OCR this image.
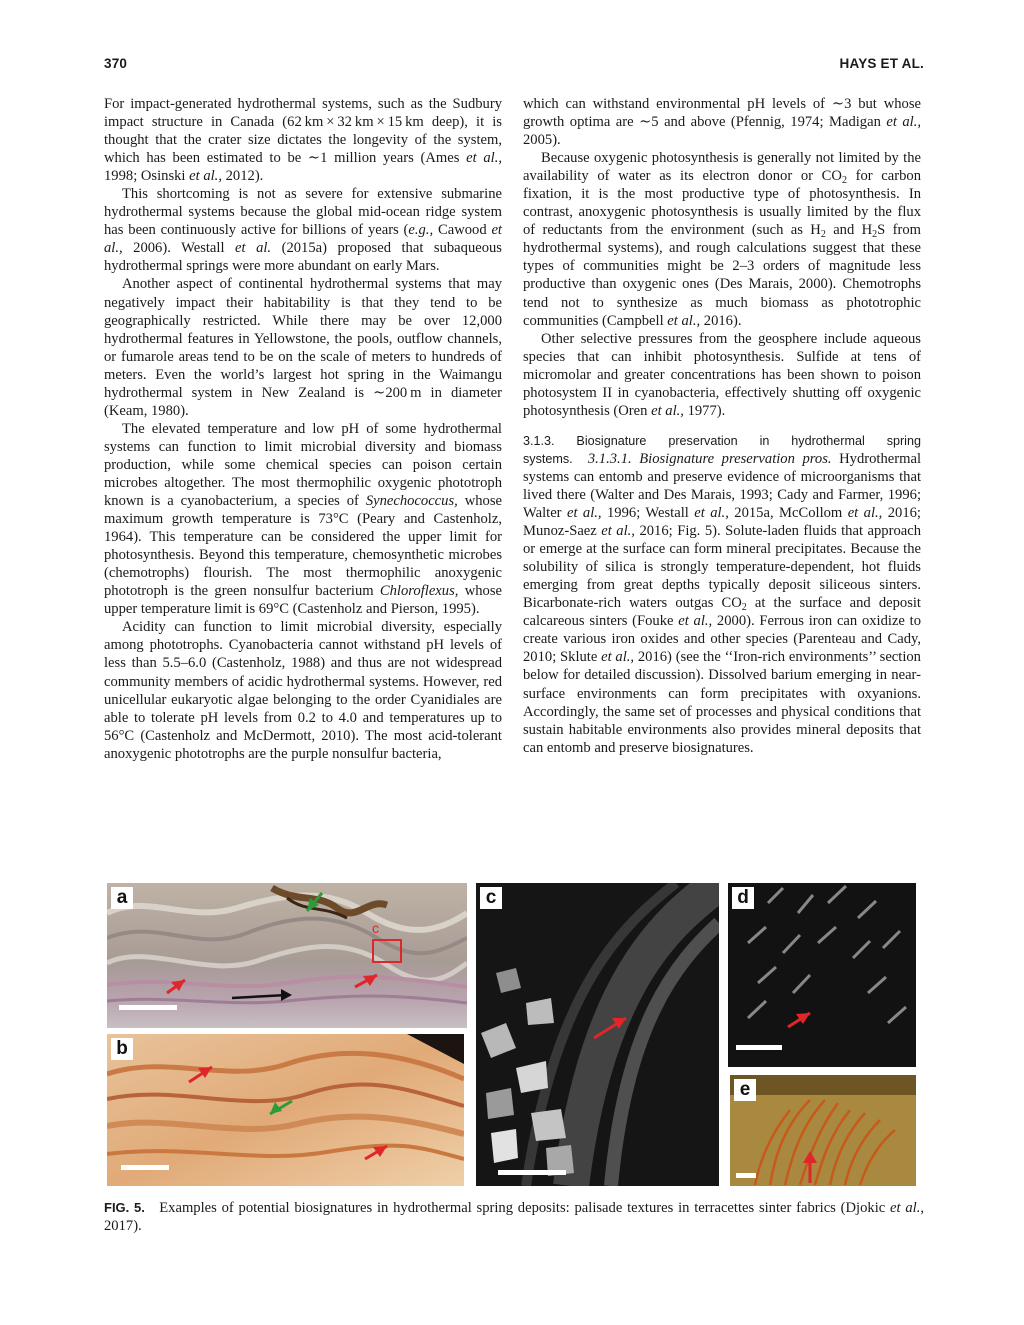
370	HAYS ET AL.

For impact-generated hydrothermal systems, such as the Sudbury impact structure in Canada (62 km × 32 km × 15 km deep), it is thought that the crater size dictates the longevity of the system, which has been estimated to be ∼1 million years (Ames et al., 1998; Osinski et al., 2012).

This shortcoming is not as severe for extensive submarine hydrothermal systems because the global mid-ocean ridge system has been continuously active for billions of years (e.g., Cawood et al., 2006). Westall et al. (2015a) proposed that subaqueous hydrothermal springs were more abundant on early Mars.

Another aspect of continental hydrothermal systems that may negatively impact their habitability is that they tend to be geographically restricted. While there may be over 12,000 hydrothermal features in Yellowstone, the pools, outflow channels, or fumarole areas tend to be on the scale of meters to hundreds of meters. Even the world’s largest hot spring in the Waimangu hydrothermal system in New Zealand is ∼200 m in diameter (Keam, 1980).

The elevated temperature and low pH of some hydrothermal systems can function to limit microbial diversity and biomass production, while some chemical species can poison certain microbes altogether. The most thermophilic oxygenic phototroph known is a cyanobacterium, a species of Synechococcus, whose maximum growth temperature is 73°C (Peary and Castenholz, 1964). This temperature can be considered the upper limit for photosynthesis. Beyond this temperature, chemosynthetic microbes (chemotrophs) flourish. The most thermophilic anoxygenic phototroph is the green nonsulfur bacterium Chloroflexus, whose upper temperature limit is 69°C (Castenholz and Pierson, 1995).

Acidity can function to limit microbial diversity, especially among phototrophs. Cyanobacteria cannot withstand pH levels of less than 5.5–6.0 (Castenholz, 1988) and thus are not widespread community members of acidic hydrothermal systems. However, red unicellular eukaryotic algae belonging to the order Cyanidiales are able to tolerate pH levels from 0.2 to 4.0 and temperatures up to 56°C (Castenholz and McDermott, 2010). The most acid-tolerant anoxygenic phototrophs are the purple nonsulfur bacteria,

which can withstand environmental pH levels of ∼3 but whose growth optima are ∼5 and above (Pfennig, 1974; Madigan et al., 2005).

Because oxygenic photosynthesis is generally not limited by the availability of water as its electron donor or $CO_2$ for carbon fixation, it is the most productive type of photosynthesis. In contrast, anoxygenic photosynthesis is usually limited by the flux of reductants from the environment (such as $H_2$ and $H_2S$ from hydrothermal systems), and rough calculations suggest that these types of communities might be 2–3 orders of magnitude less productive than oxygenic ones (Des Marais, 2000). Chemotrophs tend not to synthesize as much biomass as phototrophic communities (Campbell et al., 2016).

Other selective pressures from the geosphere include aqueous species that can inhibit photosynthesis. Sulfide at tens of micromolar and greater concentrations has been shown to poison photosystem II in cyanobacteria, effectively shutting off oxygenic photosynthesis (Oren et al., 1977).

3.1.3. Biosignature preservation in hydrothermal spring systems. 3.1.3.1. Biosignature preservation pros. Hydrothermal systems can entomb and preserve evidence of microorganisms that lived there (Walter and Des Marais, 1993; Cady and Farmer, 1996; Walter et al., 1996; Westall et al., 2015a, McCollom et al., 2016; Munoz-Saez et al., 2016; Fig. 5). Solute-laden fluids that approach or emerge at the surface can form mineral precipitates. Because the solubility of silica is strongly temperature-dependent, hot fluids emerging from great depths typically deposit siliceous sinters. Bicarbonate-rich waters outgas $CO_2$ at the surface and deposit calcareous sinters (Fouke et al., 2000). Ferrous iron can oxidize to create various iron oxides and other species (Parenteau and Cady, 2010; Sklute et al., 2016) (see the ‘‘Iron-rich environments’’ section below for detailed discussion). Dissolved barium emerging in near-surface environments can form precipitates with oxyanions. Accordingly, the same set of processes and physical conditions that sustain habitable environments also provides mineral deposits that can entomb and preserve biosignatures.

a
c
b
c	d
e
FIG. 5. Examples of potential biosignatures in hydrothermal spring deposits: palisade textures in terracettes sinter fabrics (Djokic et al., 2017).
